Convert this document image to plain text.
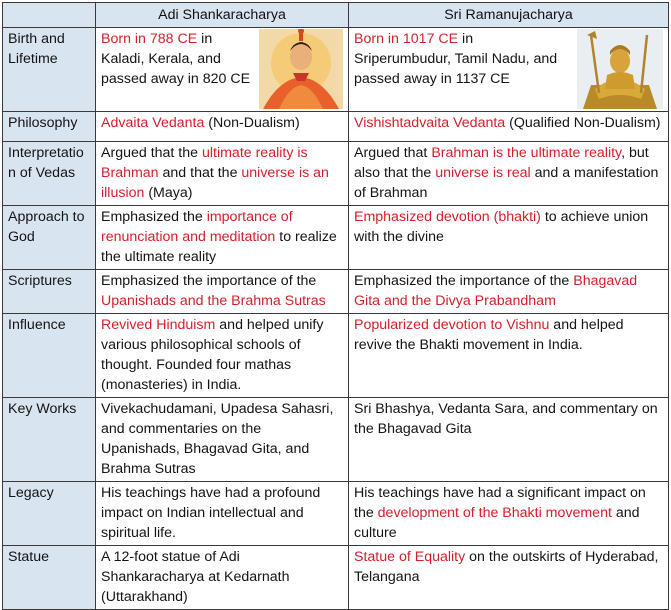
	Adi Shankaracharya	Sri Ramanujacharya
Birth and Lifetime	Born in 788 CE in Kaladi, Kerala, and passed away in 820 CE	Born in 1017 CE in Sriperumbudur, Tamil Nadu, and passed away in 1137 CE

Philosophy	Advaita Vedanta (Non-Dualism)	Vishishtadvaita Vedanta (Qualified Non-Dualism)
Interpretation of Vedas	Argued that the ultimate reality is Brahman and that the universe is an illusion (Maya)	Argued that Brahman is the ultimate reality, but also that the universe is real and a manifestation of Brahman
Approach to God	Emphasized the importance of renunciation and meditation to realize the ultimate reality	Emphasized devotion (bhakti) to achieve union with the divine
Scriptures	Emphasized the importance of the Upanishads and the Brahma Sutras	Emphasized the importance of the Bhagavad Gita and the Divya Prabandham
Influence	Revived Hinduism and helped unify various philosophical schools of thought. Founded four mathas (monasteries) in India.	Popularized devotion to Vishnu and helped revive the Bhakti movement in India.
Key Works	Vivekachudamani, Upadesa Sahasri, and commentaries on the Upanishads, Bhagavad Gita, and Brahma Sutras	Sri Bhashya, Vedanta Sara, and commentary on the Bhagavad Gita
Legacy	His teachings have had a profound impact on Indian intellectual and spiritual life.	His teachings have had a significant impact on the development of the Bhakti movement and culture
Statue	A 12-foot statue of Adi Shankaracharya at Kedarnath (Uttarakhand)	Statue of Equality on the outskirts of Hyderabad, Telangana
